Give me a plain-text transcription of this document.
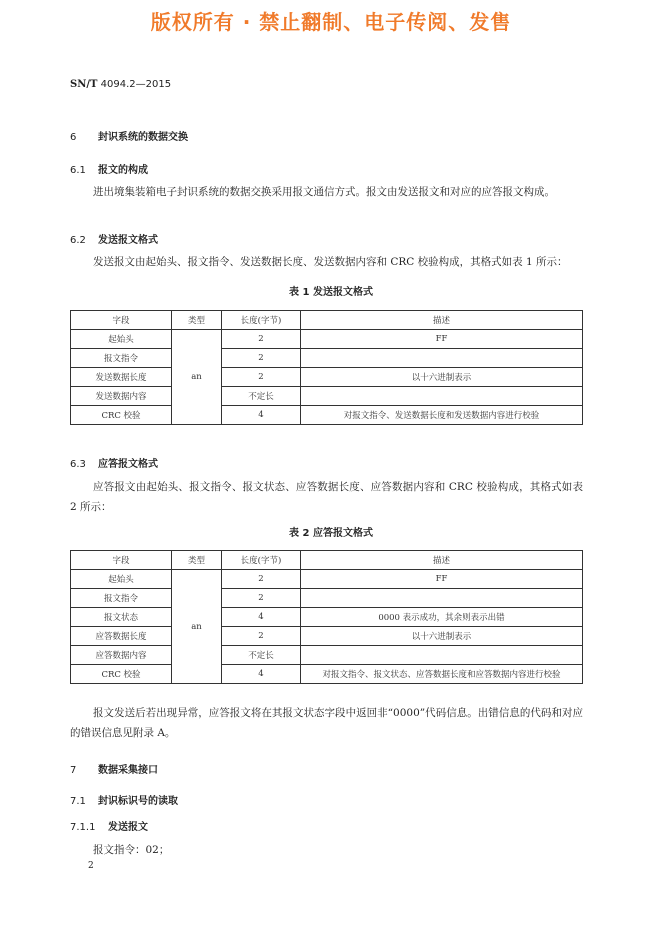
版权所有 · 禁止翻制、电子传阅、发售
SN/T 4094.2—2015
6 封识系统的数据交换
6.1 报文的构成
进出境集装箱电子封识系统的数据交换采用报文通信方式。报文由发送报文和对应的应答报文构成。
6.2 发送报文格式
发送报文由起始头、报文指令、发送数据长度、发送数据内容和 CRC 校验构成，其格式如表 1 所示：
表 1 发送报文格式
字段	类型	长度(字节)	描述
起始头	an	2	FF
报文指令		2	
发送数据长度		2	以十六进制表示
发送数据内容		不定长	
CRC 校验		4	对报文指令、发送数据长度和发送数据内容进行校验
6.3 应答报文格式
应答报文由起始头、报文指令、报文状态、应答数据长度、应答数据内容和 CRC 校验构成，其格式如表 2 所示：
表 2 应答报文格式
字段	类型	长度(字节)	描述
起始头	an	2	FF
报文指令		2	
报文状态		4	0000 表示成功，其余则表示出错
应答数据长度		2	以十六进制表示
应答数据内容		不定长	
CRC 校验		4	对报文指令、报文状态、应答数据长度和应答数据内容进行校验
报文发送后若出现异常，应答报文将在其报文状态字段中返回非“0000”代码信息。出错信息的代码和对应的错误信息见附录 A。
7 数据采集接口
7.1 封识标识号的读取
7.1.1 发送报文
报文指令：02；
2
